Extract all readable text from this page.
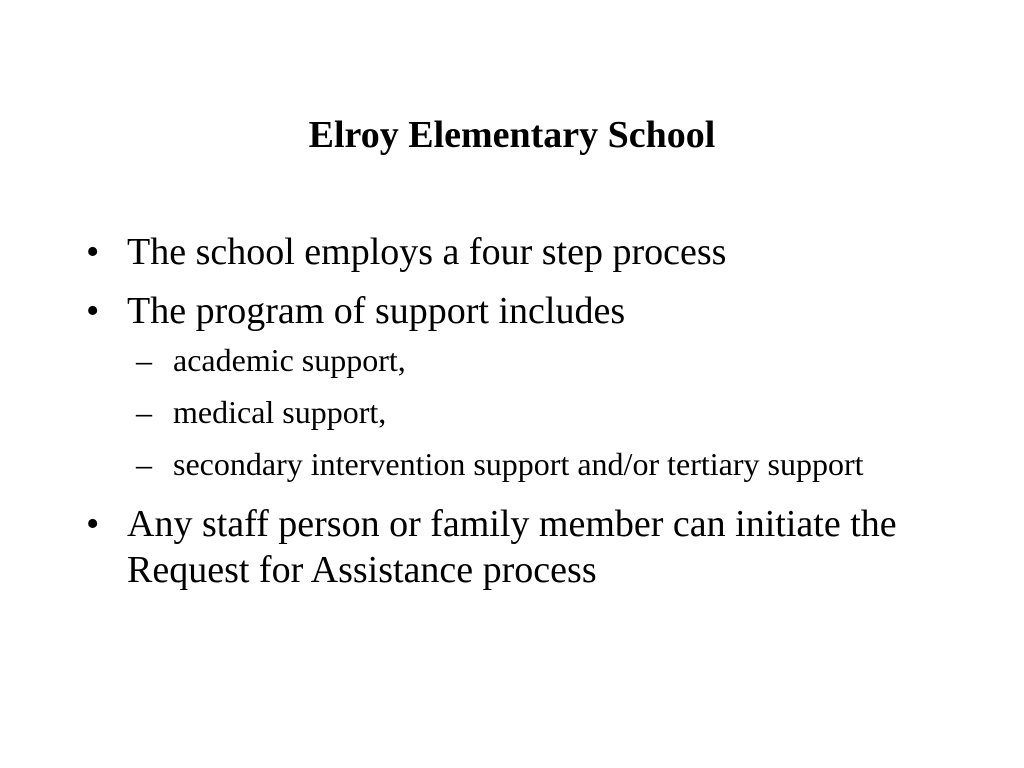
Elroy Elementary School
• The school employs a four step process
• The program of support includes
– academic support,
– medical support,
– secondary intervention support and/or tertiary support
• Any staff person or family member can initiate the Request for Assistance process
